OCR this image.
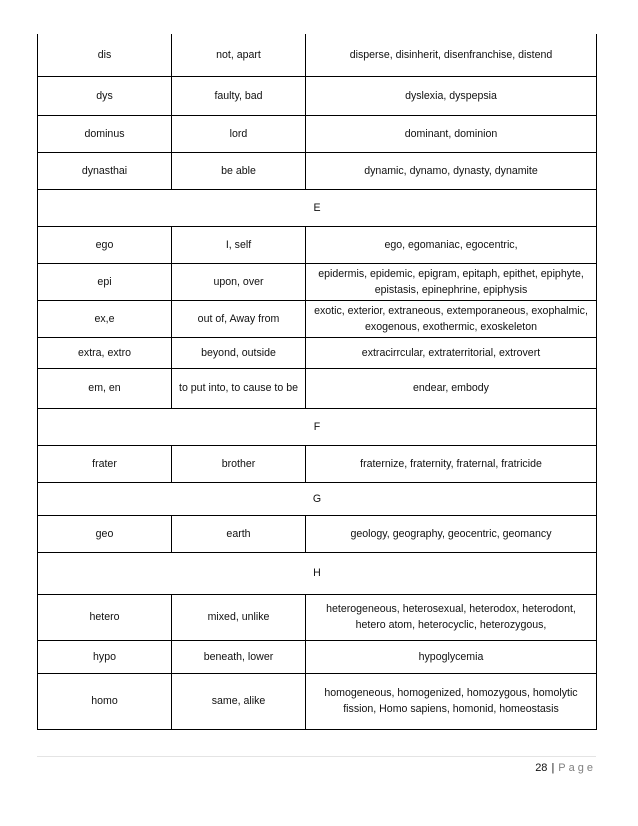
dis	not, apart	disperse, disinherit, disenfranchise, distend
dys	faulty, bad	dyslexia, dyspepsia
dominus	lord	dominant, dominion
dynasthai	be able	dynamic, dynamo, dynasty, dynamite
E		
ego	I, self	ego, egomaniac, egocentric,
epi	upon, over	epidermis, epidemic, epigram, epitaph, epithet, epiphyte, epistasis, epinephrine, epiphysis
ex,e	out of, Away from	exotic, exterior, extraneous, extemporaneous, exophalmic, exogenous, exothermic, exoskeleton
extra, extro	beyond, outside	extracirrcular, extraterritorial, extrovert
em, en	to put into, to cause to be	endear, embody
F		
frater	brother	fraternize, fraternity, fraternal, fratricide
G		
geo	earth	geology, geography, geocentric, geomancy
H		
hetero	mixed, unlike	heterogeneous, heterosexual, heterodox, heterodont, hetero atom, heterocyclic, heterozygous,
hypo	beneath, lower	hypoglycemia
homo	same, alike	homogeneous, homogenized, homozygous, homolytic fission, Homo sapiens, homonid, homeostasis
28 | Page
